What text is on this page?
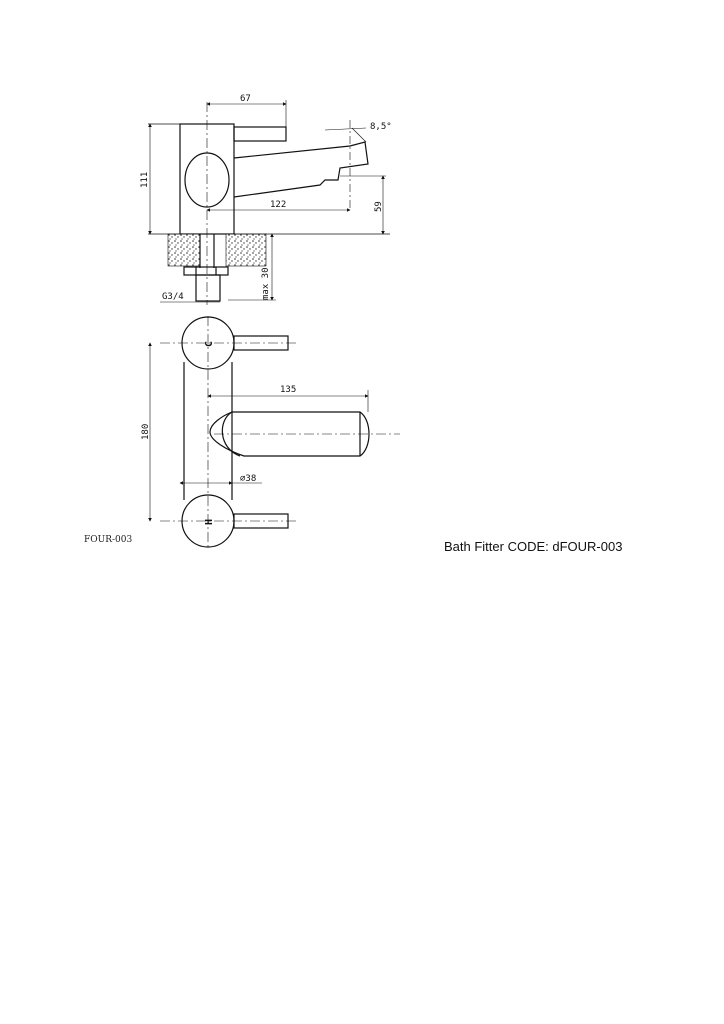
67
8,5°
111
122	59
max 30
G3/4
135
180
⌀38
C
H
FOUR-003	Bath Fitter CODE: dFOUR-003
